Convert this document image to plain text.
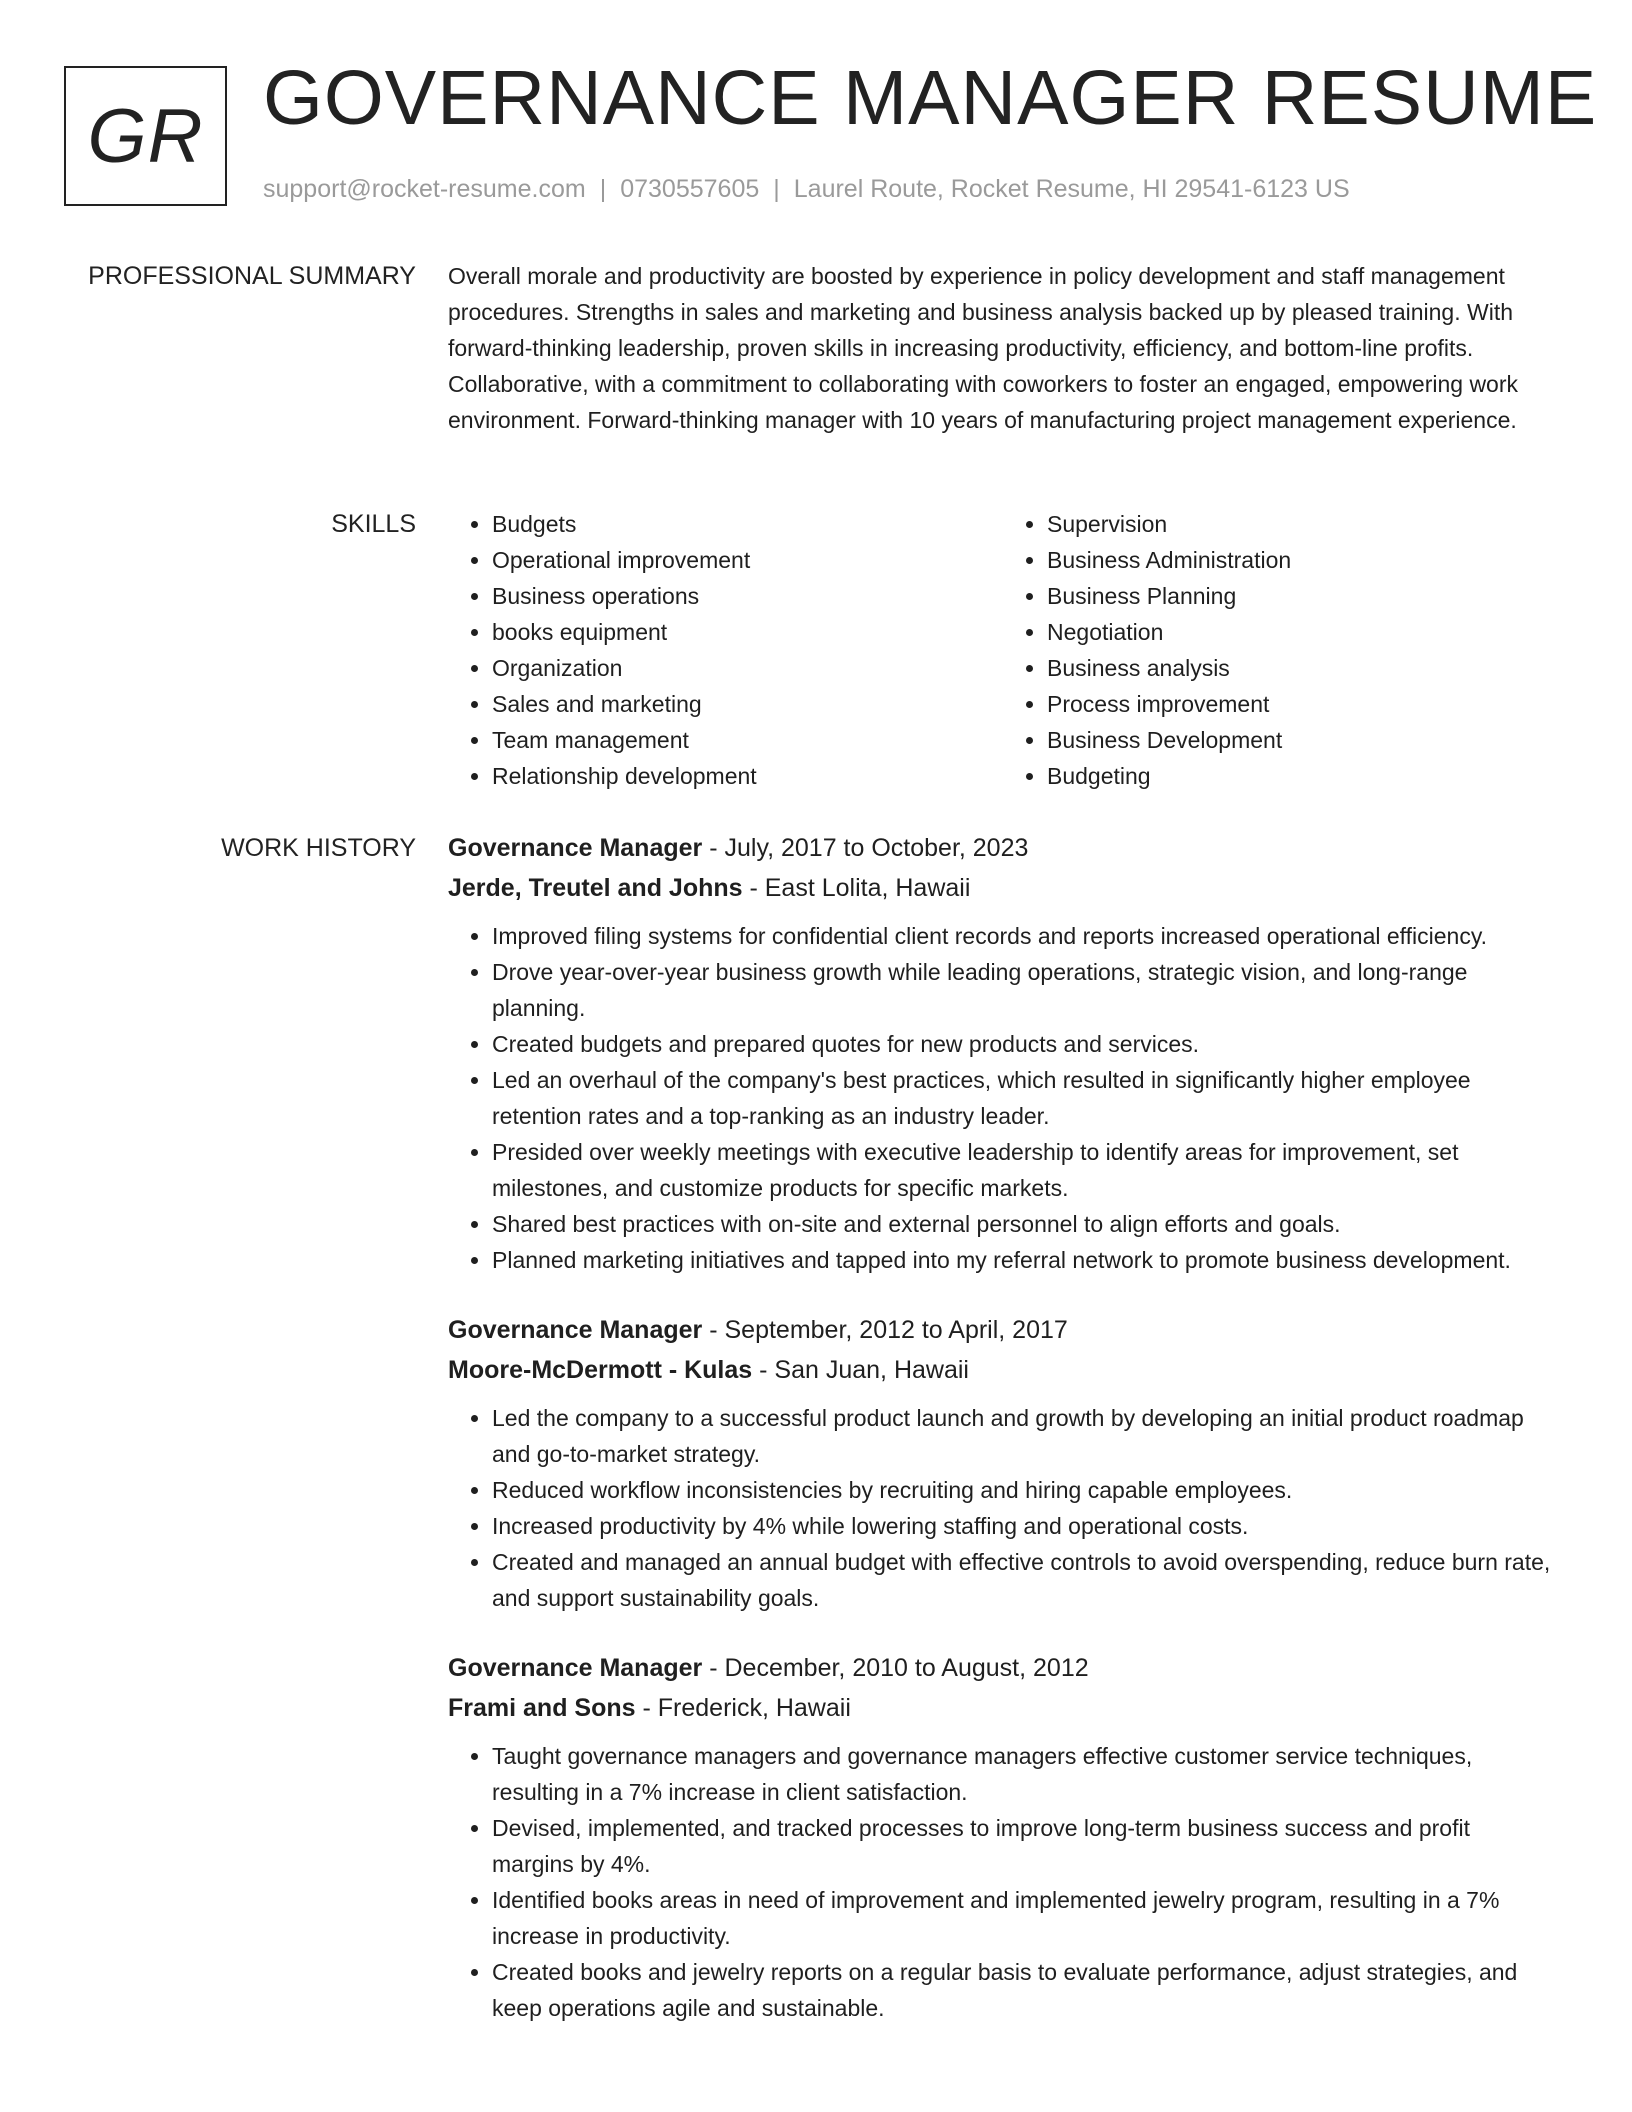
GR GOVERNANCE MANAGER RESUME
support@rocket-resume.com | 0730557605 | Laurel Route, Rocket Resume, HI 29541-6123 US
PROFESSIONAL SUMMARY Overall morale and productivity are boosted by experience in policy development and staff management procedures. Strengths in sales and marketing and business analysis backed up by pleased training. With forward-thinking leadership, proven skills in increasing productivity, efficiency, and bottom-line profits. Collaborative, with a commitment to collaborating with coworkers to foster an engaged, empowering work environment. Forward-thinking manager with 10 years of manufacturing project management experience.

SKILLS
•	Budgets
• Operational improvement
• Business operations
• books equipment
• Organization
• Sales and marketing
• Team management
• Relationship development
• Supervision
• Business Administration
• Business Planning
• Negotiation
• Business analysis
• Process improvement
• Business Development
• Budgeting
WORK HISTORY Governance Manager - July, 2017 to October, 2023
Jerde, Treutel and Johns - East Lolita, Hawaii
• Improved filing systems for confidential client records and reports increased operational efficiency.
• Drove year-over-year business growth while leading operations, strategic vision, and long-range planning.
• Created budgets and prepared quotes for new products and services.
• Led an overhaul of the company's best practices, which resulted in significantly higher employee retention rates and a top-ranking as an industry leader.
• Presided over weekly meetings with executive leadership to identify areas for improvement, set milestones, and customize products for specific markets.
• Shared best practices with on-site and external personnel to align efforts and goals.
• Planned marketing initiatives and tapped into my referral network to promote business development.
Governance Manager - September, 2012 to April, 2017
Moore-McDermott - Kulas - San Juan, Hawaii
• Led the company to a successful product launch and growth by developing an initial product roadmap and go-to-market strategy.
• Reduced workflow inconsistencies by recruiting and hiring capable employees.
• Increased productivity by 4% while lowering staffing and operational costs.
• Created and managed an annual budget with effective controls to avoid overspending, reduce burn rate, and support sustainability goals.
Governance Manager - December, 2010 to August, 2012
Frami and Sons - Frederick, Hawaii
• Taught governance managers and governance managers effective customer service techniques, resulting in a 7% increase in client satisfaction.
• Devised, implemented, and tracked processes to improve long-term business success and profit margins by 4%.
• Identified books areas in need of improvement and implemented jewelry program, resulting in a 7% increase in productivity.
• Created books and jewelry reports on a regular basis to evaluate performance, adjust strategies, and keep operations agile and sustainable.
